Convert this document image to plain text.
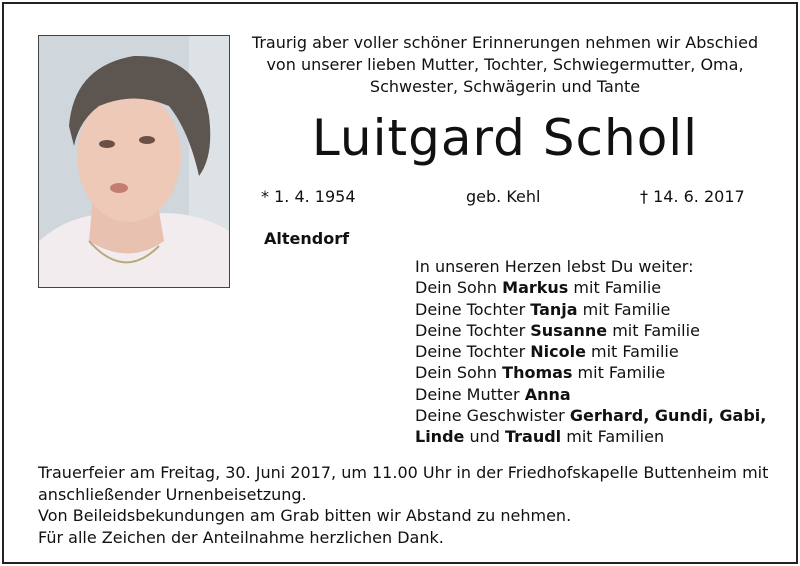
Traurig aber voller schöner Erinnerungen nehmen wir Abschied
von unserer lieben Mutter, Tochter, Schwiegermutter, Oma,
Schwester, Schwägerin und Tante
Luitgard Scholl
* 1. 4. 1954	geb. Kehl	† 14. 6. 2017
Altendorf
In unseren Herzen lebst Du weiter:
Dein Sohn Markus mit Familie
Deine Tochter Tanja mit Familie
Deine Tochter Susanne mit Familie
Deine Tochter Nicole mit Familie
Dein Sohn Thomas mit Familie
Deine Mutter Anna
Deine Geschwister Gerhard, Gundi, Gabi,
Linde und Traudl mit Familien
Trauerfeier am Freitag, 30. Juni 2017, um 11.00 Uhr in der Friedhofskapelle Buttenheim mit
anschließender Urnenbeisetzung.
Von Beileidsbekundungen am Grab bitten wir Abstand zu nehmen.
Für alle Zeichen der Anteilnahme herzlichen Dank.
